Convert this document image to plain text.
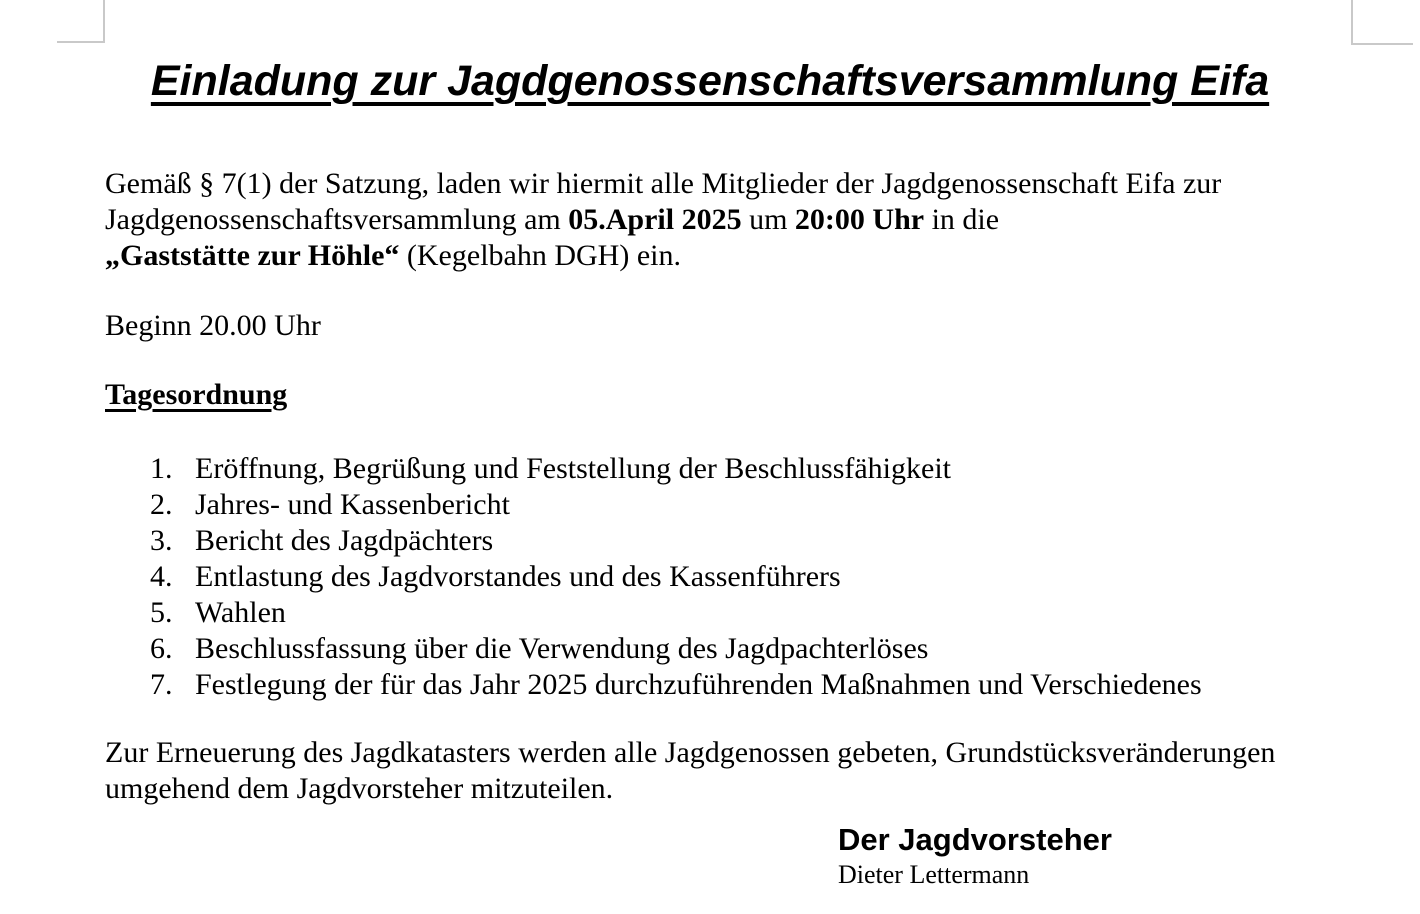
Einladung zur Jagdgenossenschaftsversammlung Eifa
Gemäß § 7(1) der Satzung, laden wir hiermit alle Mitglieder der Jagdgenossenschaft Eifa zur
Jagdgenossenschaftsversammlung am 05.April 2025 um 20:00 Uhr in die
„Gaststätte zur Höhle“ (Kegelbahn DGH) ein.
Beginn 20.00 Uhr
Tagesordnung
1. Eröffnung, Begrüßung und Feststellung der Beschlussfähigkeit
2. Jahres- und Kassenbericht
3. Bericht des Jagdpächters
4. Entlastung des Jagdvorstandes und des Kassenführers
5. Wahlen
6. Beschlussfassung über die Verwendung des Jagdpachterlöses
7. Festlegung der für das Jahr 2025 durchzuführenden Maßnahmen und Verschiedenes
Zur Erneuerung des Jagdkatasters werden alle Jagdgenossen gebeten, Grundstücksveränderungen
umgehend dem Jagdvorsteher mitzuteilen.
Der Jagdvorsteher
Dieter Lettermann
